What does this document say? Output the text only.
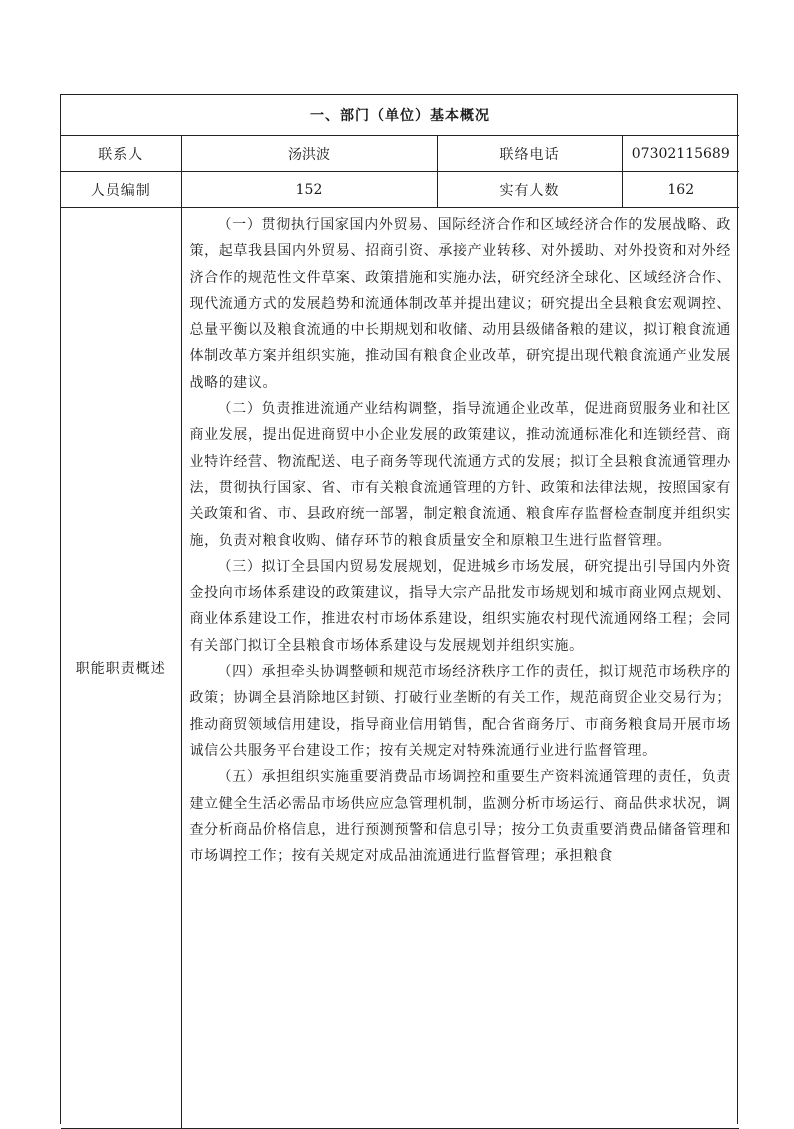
一、部门（单位）基本概况			
联系人	汤洪波	联络电话	07302115689
人员编制	152	实有人数	162
职能职责概述	（一）贯彻执行国家国内外贸易、国际经济合作和区域经济合作的发展战略、政策，起草我县国内外贸易、招商引资、承接产业转移、对外援助、对外投资和对外经济合作的规范性文件草案、政策措施和实施办法，研究经济全球化、区域经济合作、现代流通方式的发展趋势和流通体制改革并提出建议；研究提出全县粮食宏观调控、总量平衡以及粮食流通的中长期规划和收储、动用县级储备粮的建议，拟订粮食流通体制改革方案并组织实施，推动国有粮食企业改革，研究提出现代粮食流通产业发展战略的建议。

（二）负责推进流通产业结构调整，指导流通企业改革，促进商贸服务业和社区商业发展，提出促进商贸中小企业发展的政策建议，推动流通标准化和连锁经营、商业特许经营、物流配送、电子商务等现代流通方式的发展；拟订全县粮食流通管理办法，贯彻执行国家、省、市有关粮食流通管理的方针、政策和法律法规，按照国家有关政策和省、市、县政府统一部署，制定粮食流通、粮食库存监督检查制度并组织实施，负责对粮食收购、储存环节的粮食质量安全和原粮卫生进行监督管理。

（三）拟订全县国内贸易发展规划，促进城乡市场发展，研究提出引导国内外资金投向市场体系建设的政策建议，指导大宗产品批发市场规划和城市商业网点规划、商业体系建设工作，推进农村市场体系建设，组织实施农村现代流通网络工程；会同有关部门拟订全县粮食市场体系建设与发展规划并组织实施。

（四）承担牵头协调整顿和规范市场经济秩序工作的责任，拟订规范市场秩序的政策；协调全县消除地区封锁、打破行业垄断的有关工作，规范商贸企业交易行为；推动商贸领域信用建设，指导商业信用销售，配合省商务厅、市商务粮食局开展市场诚信公共服务平台建设工作；按有关规定对特殊流通行业进行监督管理。

（五）承担组织实施重要消费品市场调控和重要生产资料流通管理的责任，负责建立健全生活必需品市场供应应急管理机制，监测分析市场运行、商品供求状况，调查分析商品价格信息，进行预测预警和信息引导；按分工负责重要消费品储备管理和市场调控工作；按有关规定对成品油流通进行监督管理；承担粮食		
